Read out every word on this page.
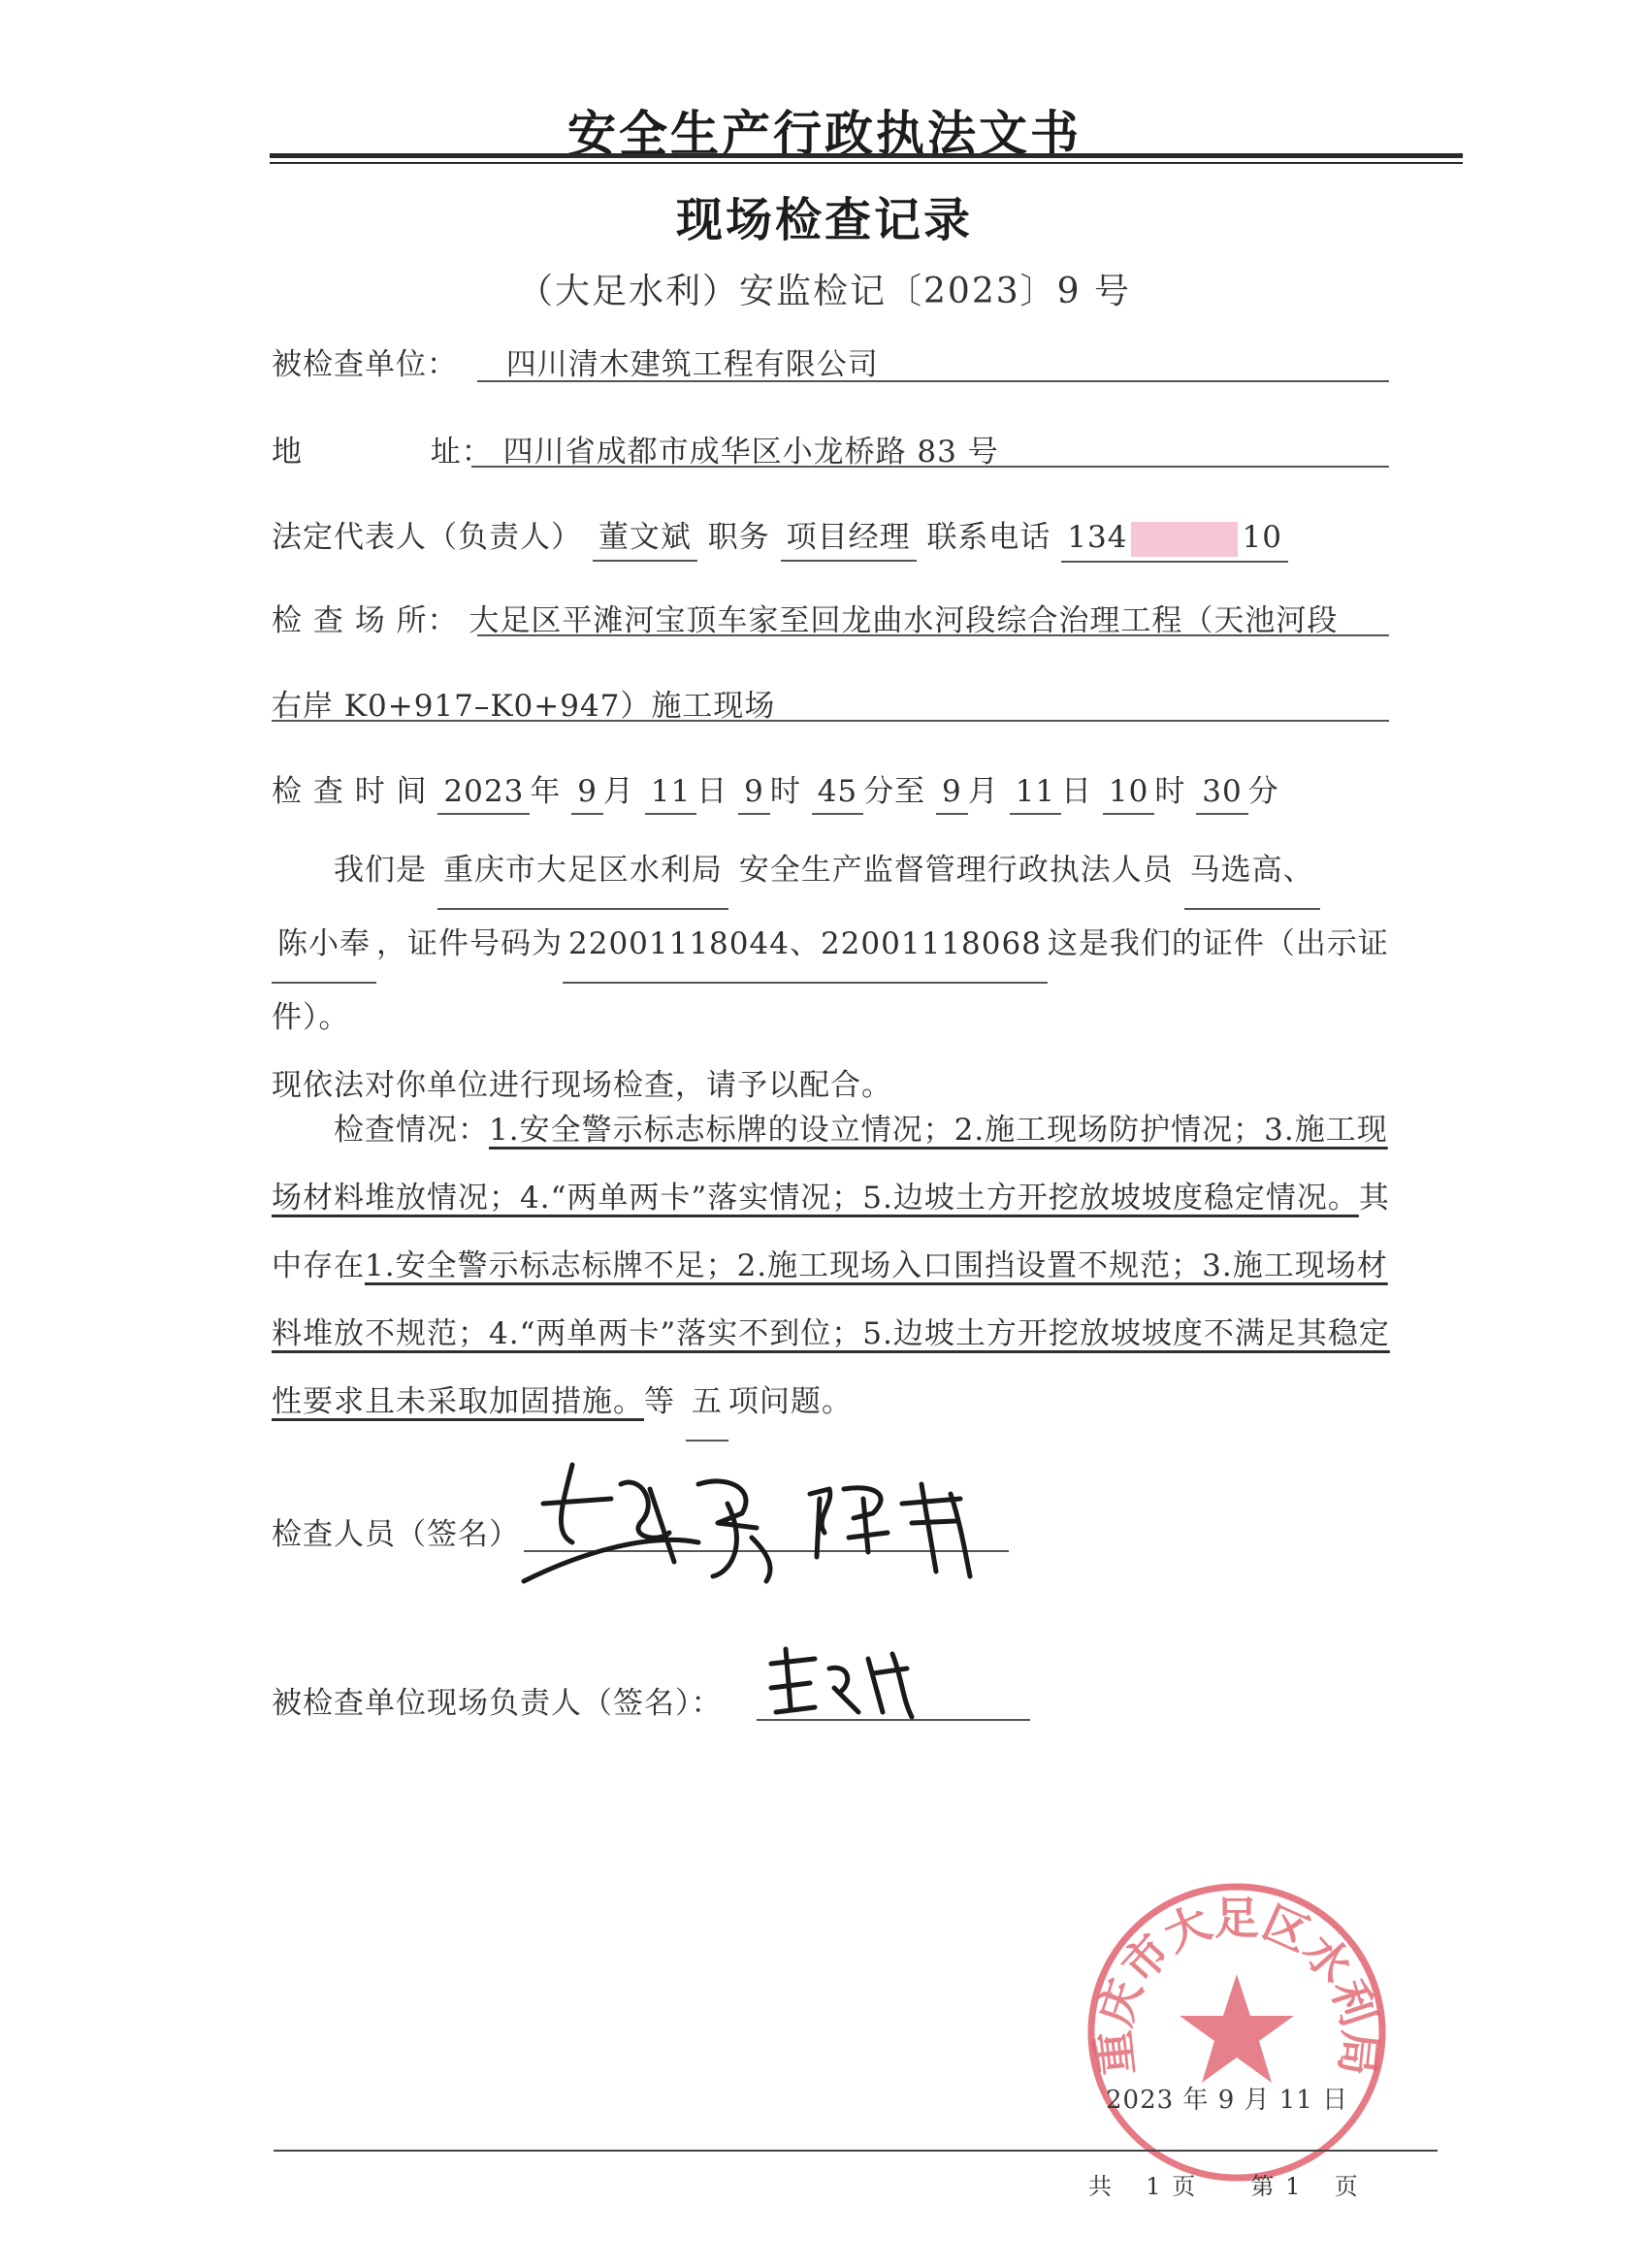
安全生产行政执法文书
现场检查记录
（大足水利）安监检记〔2023〕9 号
被检查单位： 四川清木建筑工程有限公司
地	址： 四川省成都市成华区小龙桥路 83 号
法定代表人（负责人） 董文斌 职务 项目经理 联系电话 134	10
检 查 场 所： 大足区平滩河宝顶车家至回龙曲水河段综合治理工程（天池河段
右岸 K0+917–K0+947）施工现场
检 查 时 间 2023 年 9 月 11 日 9 时 45 分至 9 月 11 日 10 时 30 分
我们是 重庆市大足区水利局 安全生产监督管理行政执法人员 马选高、
陈小奉 ，证件号码为 22001118044、22001118068 这是我们的证件（出示证件）。
现依法对你单位进行现场检查，请予以配合。
检查情况：1.安全警示标志标牌的设立情况；2.施工现场防护情况；3.施工现场材料堆放情况；4.“两单两卡”落实情况；5.边坡土方开挖放坡坡度稳定情况。其中存在1.安全警示标志标牌不足；2.施工现场入口围挡设置不规范；3.施工现场材料堆放不规范；4.“两单两卡”落实不到位；5.边坡土方开挖放坡坡度不满足其稳定性要求且未采取加固措施。等 五 项问题。
检查人员（签名）
被检查单位现场负责人（签名）：
重庆市大足区水利局
2023 年 9 月 11 日
共 1 页 第 1 页
